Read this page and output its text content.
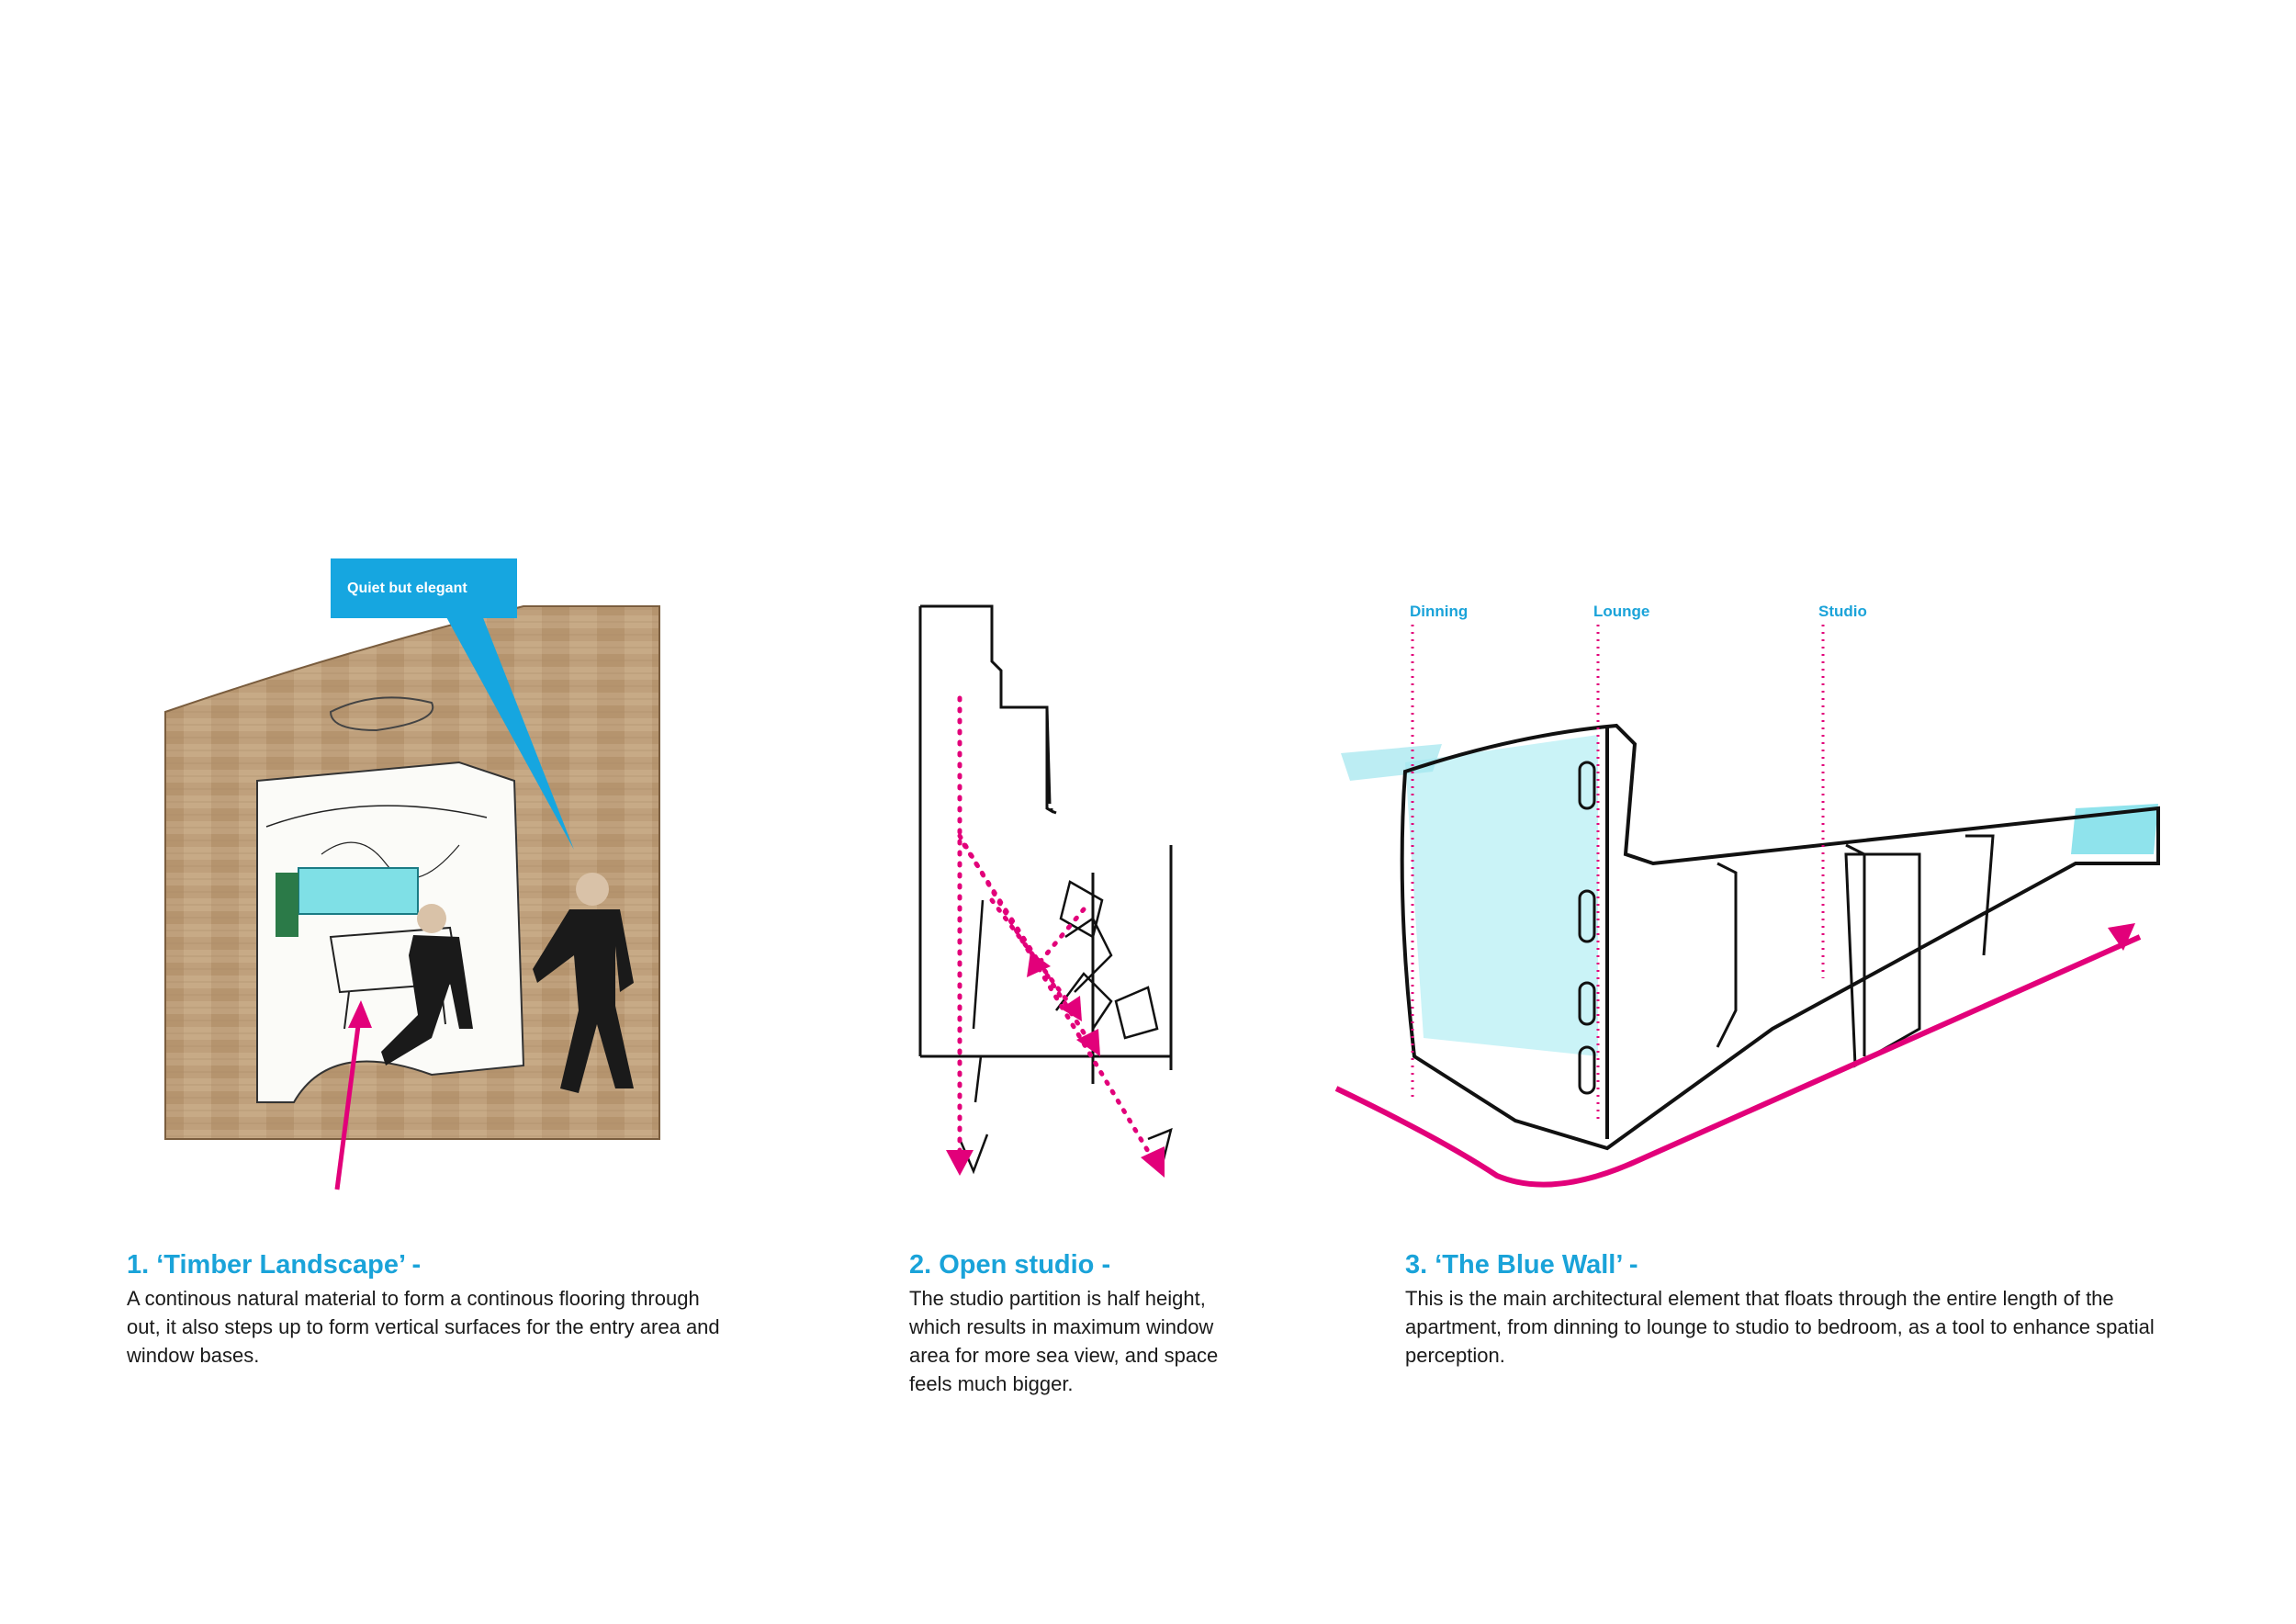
Quiet but elegant
Dinning	Lounge	Studio
1. ‘Timber Landscape’ -

A continous natural material to form a continous flooring through out, it also steps up to form vertical surfaces for the entry area and window bases.

2. Open studio -

The studio partition is half height, which results in maximum window area for more sea view, and space feels much bigger.

3. ‘The Blue Wall’ -

This is the main architectural element that floats through the entire length of the apartment, from dinning to lounge to studio to bedroom, as a tool to enhance spatial perception.
